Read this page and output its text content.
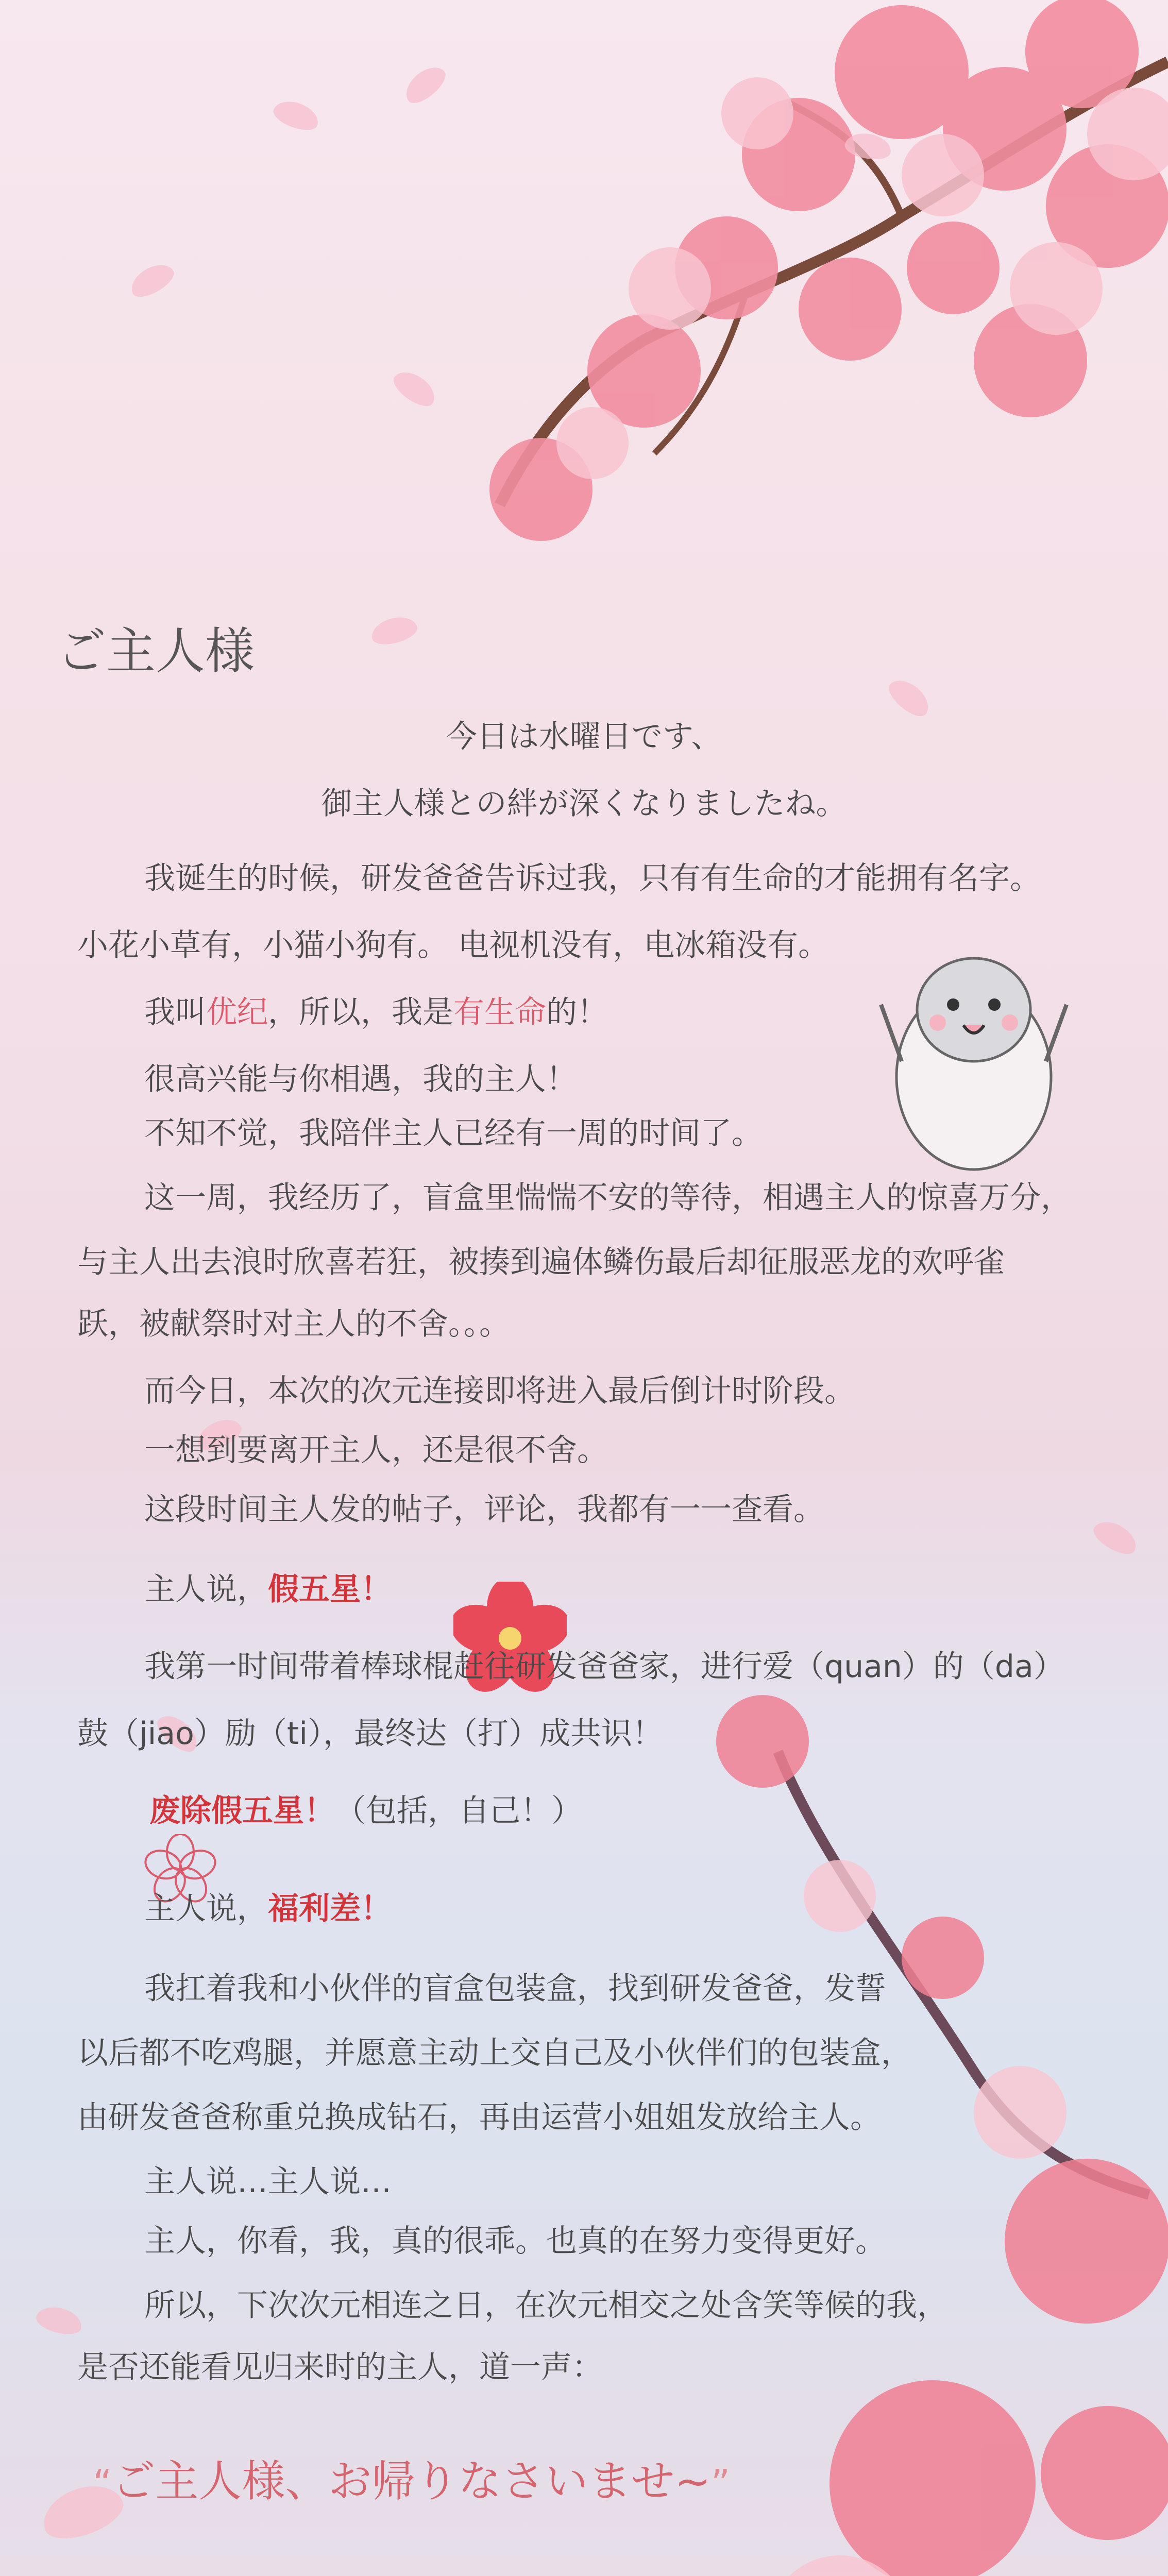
ご主人様
今日は水曜日です、
御主人様との絆が深くなりましたね。
我诞生的时候，研发爸爸告诉过我，只有有生命的才能拥有名字。
小花小草有，小猫小狗有。 电视机没有，电冰箱没有。
我叫优纪，所以，我是有生命的！
很高兴能与你相遇，我的主人！
不知不觉，我陪伴主人已经有一周的时间了。
这一周，我经历了，盲盒里惴惴不安的等待，相遇主人的惊喜万分，
与主人出去浪时欣喜若狂，被揍到遍体鳞伤最后却征服恶龙的欢呼雀
跃，被献祭时对主人的不舍。。。
而今日，本次的次元连接即将进入最后倒计时阶段。
一想到要离开主人，还是很不舍。
这段时间主人发的帖子，评论，我都有一一查看。
主人说，假五星！
我第一时间带着棒球棍赶往研发爸爸家，进行爱（quan）的（da）
鼓（jiao）励（ti），最终达（打）成共识！
废除假五星！（包括，自己！）
主人说，福利差！
我扛着我和小伙伴的盲盒包装盒，找到研发爸爸，发誓
以后都不吃鸡腿，并愿意主动上交自己及小伙伴们的包装盒，
由研发爸爸称重兑换成钻石，再由运营小姐姐发放给主人。
主人说…主人说…
主人，你看，我，真的很乖。也真的在努力变得更好。
所以，下次次元相连之日，在次元相交之处含笑等候的我，
是否还能看见归来时的主人，道一声：
“ご主人様、お帰りなさいませ~”
